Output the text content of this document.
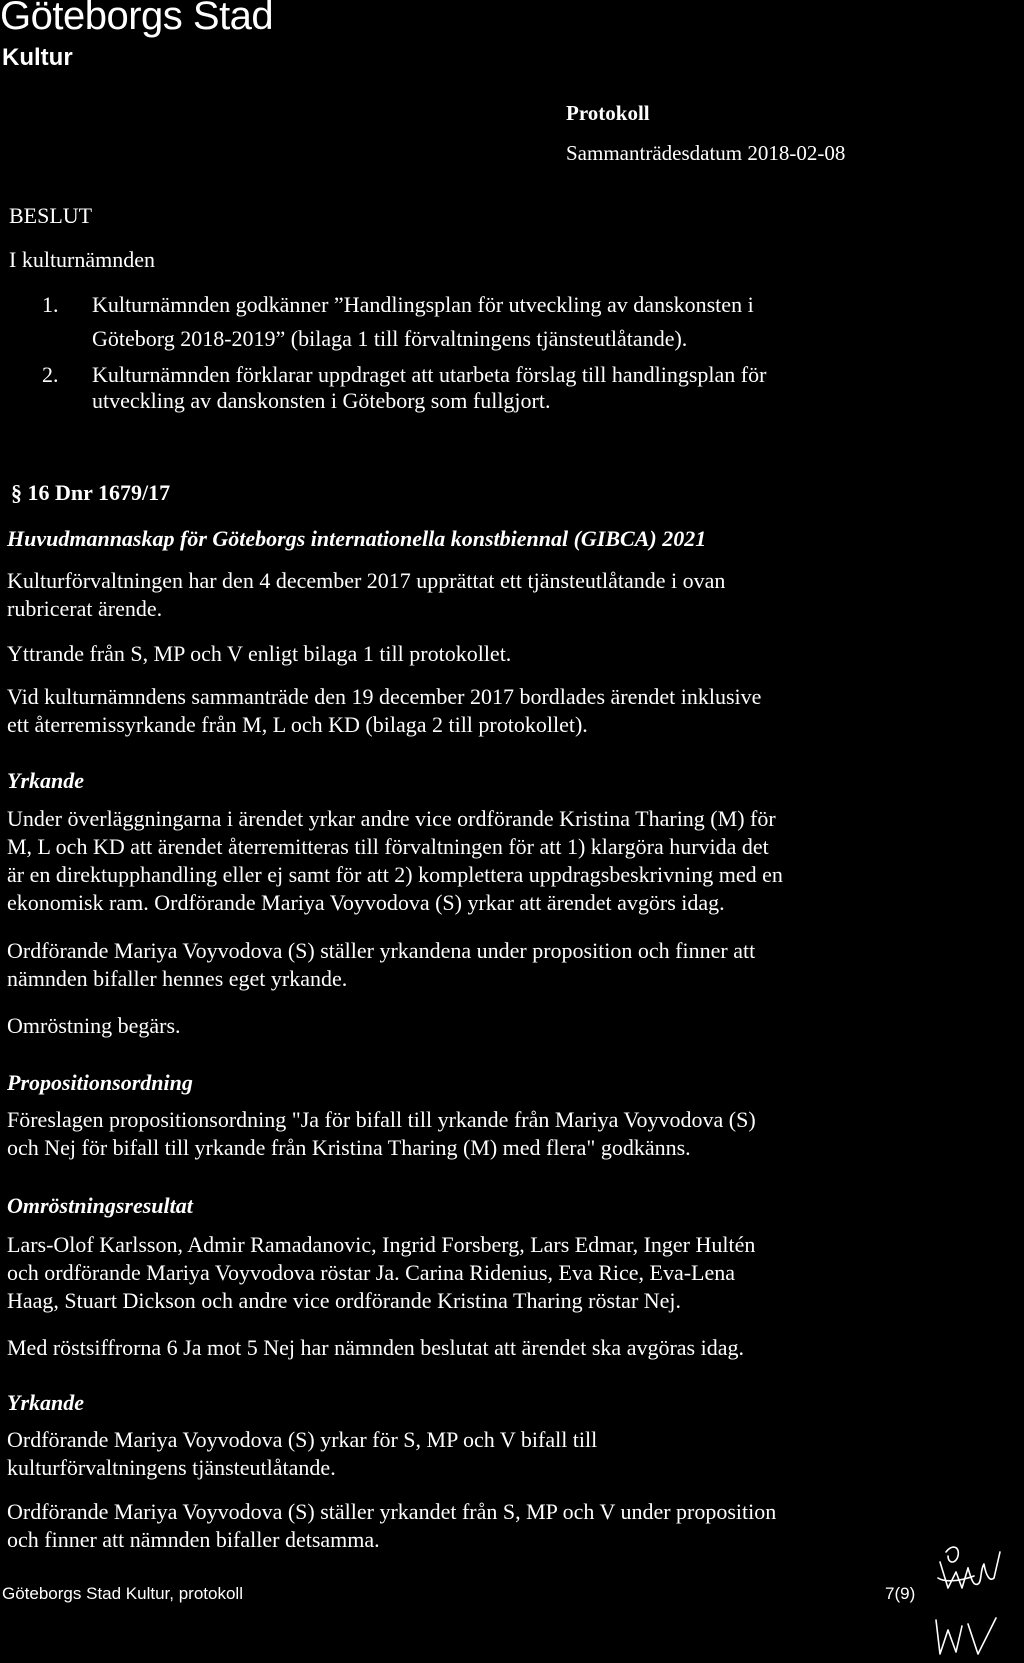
Göteborgs Stad
Kultur
Protokoll
Sammanträdesdatum 2018-02-08
BESLUT
I kulturnämnden
1. Kulturnämnden godkänner ”Handlingsplan för utveckling av danskonsten i
Göteborg 2018-2019” (bilaga 1 till förvaltningens tjänsteutlåtande).
2. Kulturnämnden förklarar uppdraget att utarbeta förslag till handlingsplan för
utveckling av danskonsten i Göteborg som fullgjort.
§ 16 Dnr 1679/17
Huvudmannaskap för Göteborgs internationella konstbiennal (GIBCA) 2021
Kulturförvaltningen har den 4 december 2017 upprättat ett tjänsteutlåtande i ovan
rubricerat ärende.
Yttrande från S, MP och V enligt bilaga 1 till protokollet.
Vid kulturnämndens sammanträde den 19 december 2017 bordlades ärendet inklusive
ett återremissyrkande från M, L och KD (bilaga 2 till protokollet).
Yrkande
Under överläggningarna i ärendet yrkar andre vice ordförande Kristina Tharing (M) för
M, L och KD att ärendet återremitteras till förvaltningen för att 1) klargöra hurvida det
är en direktupphandling eller ej samt för att 2) komplettera uppdragsbeskrivning med en
ekonomisk ram. Ordförande Mariya Voyvodova (S) yrkar att ärendet avgörs idag.
Ordförande Mariya Voyvodova (S) ställer yrkandena under proposition och finner att
nämnden bifaller hennes eget yrkande.
Omröstning begärs.
Propositionsordning
Föreslagen propositionsordning "Ja för bifall till yrkande från Mariya Voyvodova (S)
och Nej för bifall till yrkande från Kristina Tharing (M) med flera" godkänns.
Omröstningsresultat
Lars-Olof Karlsson, Admir Ramadanovic, Ingrid Forsberg, Lars Edmar, Inger Hultén
och ordförande Mariya Voyvodova röstar Ja. Carina Ridenius, Eva Rice, Eva-Lena
Haag, Stuart Dickson och andre vice ordförande Kristina Tharing röstar Nej.
Med röstsiffrorna 6 Ja mot 5 Nej har nämnden beslutat att ärendet ska avgöras idag.
Yrkande
Ordförande Mariya Voyvodova (S) yrkar för S, MP och V bifall till
kulturförvaltningens tjänsteutlåtande.
Ordförande Mariya Voyvodova (S) ställer yrkandet från S, MP och V under proposition
och finner att nämnden bifaller detsamma.
Göteborgs Stad Kultur, protokoll	7(9)
